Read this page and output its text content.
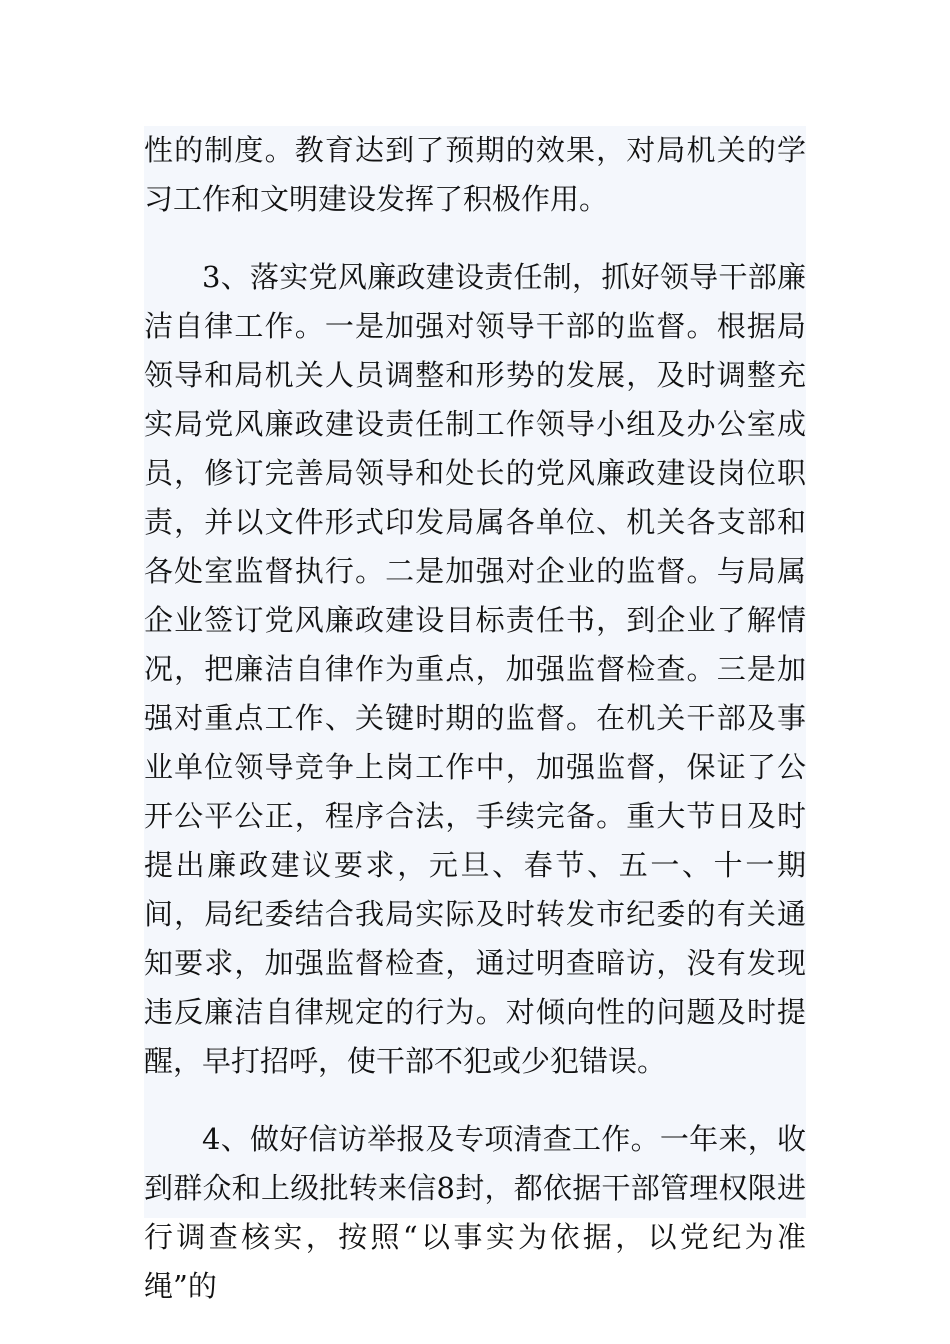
性的制度。教育达到了预期的效果，对局机关的学习工作和文明建设发挥了积极作用。

3、落实党风廉政建设责任制，抓好领导干部廉洁自律工作。一是加强对领导干部的监督。根据局领导和局机关人员调整和形势的发展，及时调整充实局党风廉政建设责任制工作领导小组及办公室成员，修订完善局领导和处长的党风廉政建设岗位职责，并以文件形式印发局属各单位、机关各支部和各处室监督执行。二是加强对企业的监督。与局属企业签订党风廉政建设目标责任书，到企业了解情况，把廉洁自律作为重点，加强监督检查。三是加强对重点工作、关键时期的监督。在机关干部及事业单位领导竞争上岗工作中，加强监督，保证了公开公平公正，程序合法，手续完备。重大节日及时提出廉政建议要求，元旦、春节、五一、十一期间，局纪委结合我局实际及时转发市纪委的有关通知要求，加强监督检查，通过明查暗访，没有发现违反廉洁自律规定的行为。对倾向性的问题及时提醒，早打招呼，使干部不犯或少犯错误。

4、做好信访举报及专项清查工作。一年来，收到群众和上级批转来信8封，都依据干部管理权限进行调查核实，按照“以事实为依据，以党纪为准绳”的
